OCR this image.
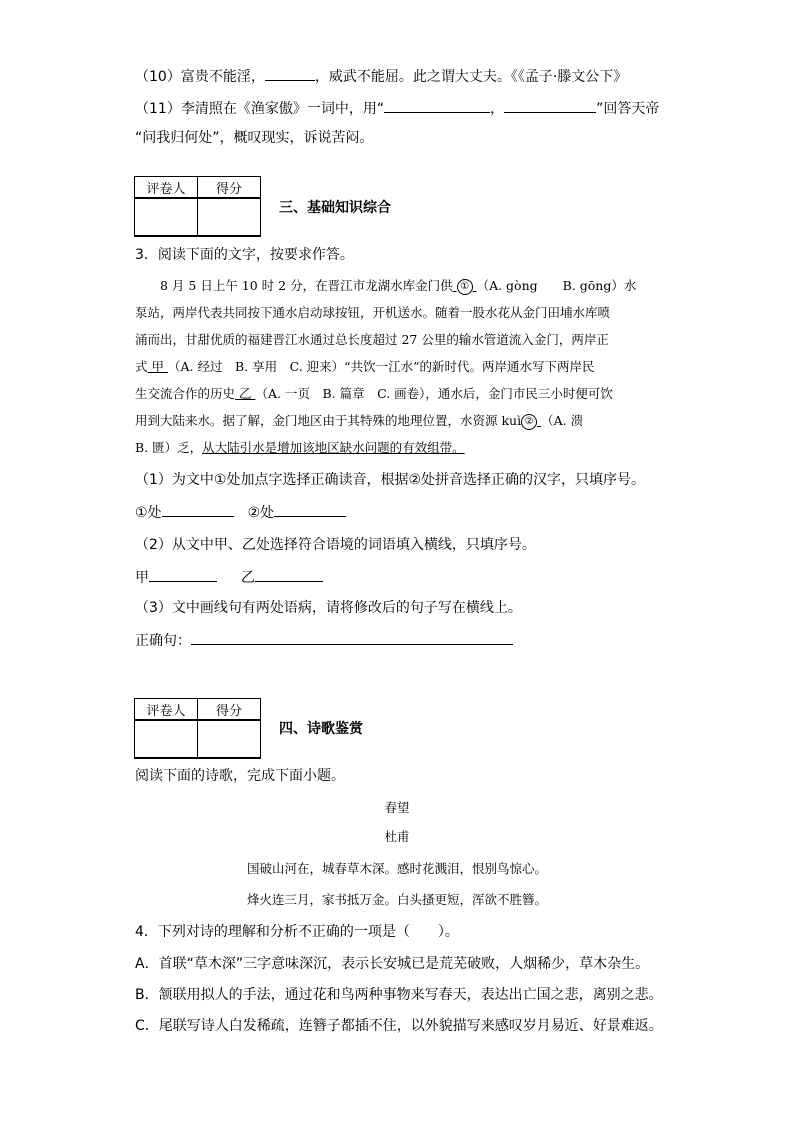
（10）富贵不能淫，	，威武不能屈。此之谓大丈夫。《《孟子·滕文公下》
（11）李清照在《渔家傲》一词中，用“	，	”回答天帝
“问我归何处”，概叹现实，诉说苦闷。
评卷人	得分

三、基础知识综合
3．阅读下面的文字，按要求作答。
8 月 5 日上午 10 时 2 分，在晋江市龙湖水库金门供 ① （A. gòng　　B. gōng）水
泵站，两岸代表共同按下通水启动球按钮，开机送水。随着一股水花从金门田埔水库喷
涌而出，甘甜优质的福建晋江水通过总长度超过 27 公里的输水管道流入金门，两岸正
式 甲 （A. 经过　B. 享用　C. 迎来）“共饮一江水”的新时代。两岸通水写下两岸民
生交流合作的历史 乙 （A. 一页　B. 篇章　C. 画卷），通水后，金门市民三小时便可饮
用到大陆来水。据了解，金门地区由于其特殊的地理位置，水资源 kuì ② （A. 溃
B. 匮）乏，从大陆引水是增加该地区缺水问题的有效组带。
（1）为文中①处加点字选择正确读音，根据②处拼音选择正确的汉字，只填序号。
①处	②处
（2）从文中甲、乙处选择符合语境的词语填入横线，只填序号。
甲	乙
（3）文中画线句有两处语病，请将修改后的句子写在横线上。
正确句：
评卷人	得分

四、诗歌鉴赏
阅读下面的诗歌，完成下面小题。
春望
杜甫
国破山河在，城春草木深。感时花溅泪，恨别鸟惊心。
烽火连三月，家书抵万金。白头搔更短，浑欲不胜簪。
4．下列对诗的理解和分析不正确的一项是（　　）。
A．首联“草木深”三字意味深沉，表示长安城已是荒芜破败，人烟稀少，草木杂生。
B．颔联用拟人的手法，通过花和鸟两种事物来写春天，表达出亡国之悲，离别之悲。
C．尾联写诗人白发稀疏，连簪子都插不住，以外貌描写来感叹岁月易近、好景难返。
